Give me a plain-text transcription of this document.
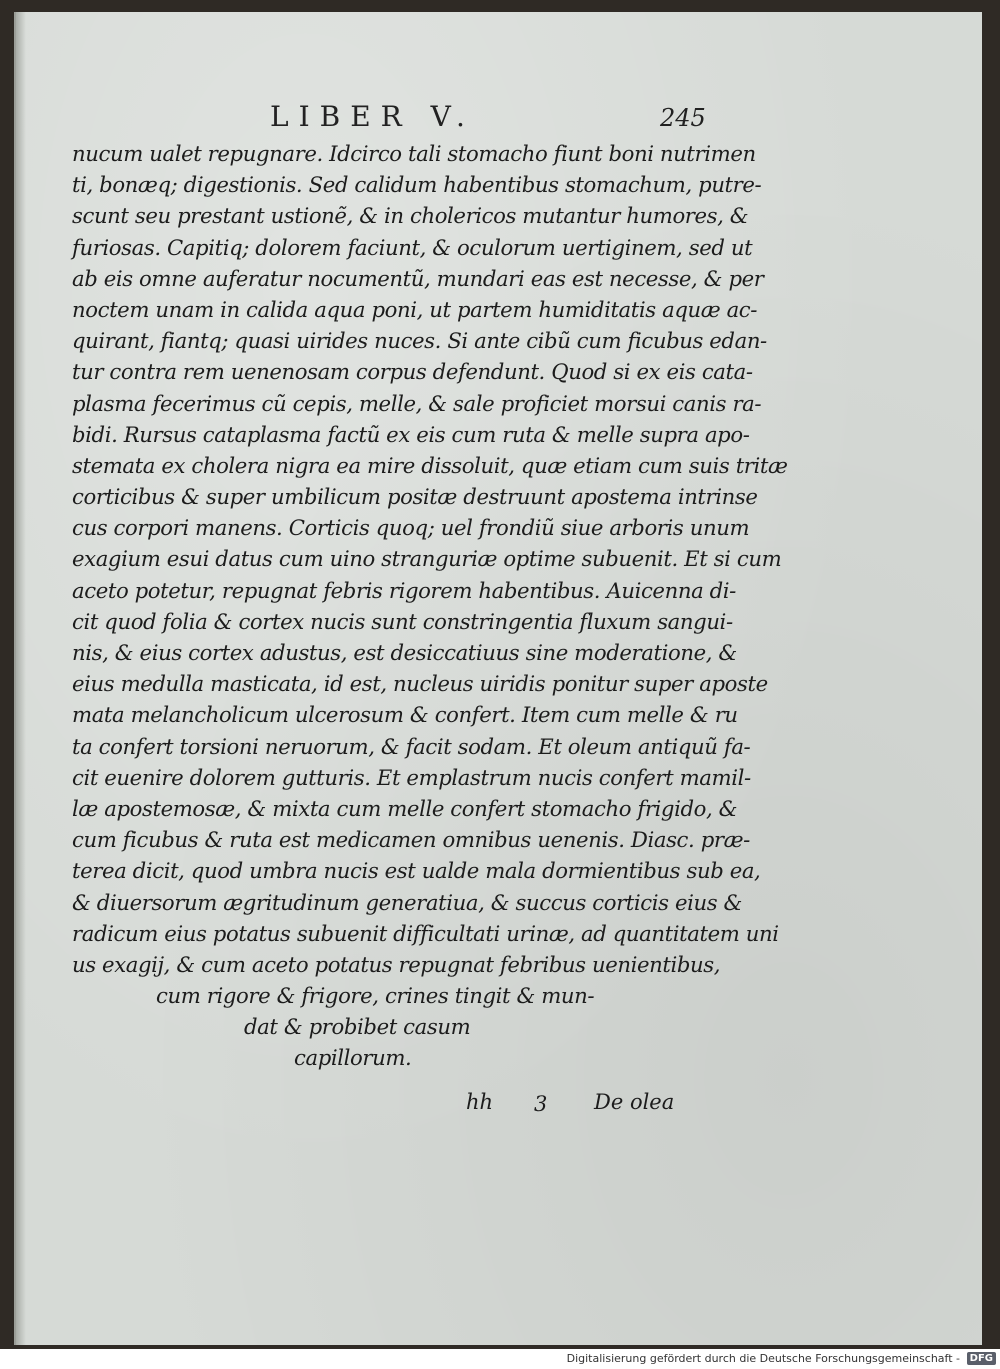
LIBER V.	245
nucum ualet repugnare. Idcirco tali stomacho fiunt boni nutrimen
ti, bonæq; digestionis. Sed calidum habentibus stomachum, putre-
scunt seu prestant ustionẽ, & in cholericos mutantur humores, &
furiosas. Capitiq; dolorem faciunt, & oculorum uertiginem, sed ut
ab eis omne auferatur nocumentũ, mundari eas est necesse, & per
noctem unam in calida aqua poni, ut partem humiditatis aquæ ac-
quirant, fiantq; quasi uirides nuces. Si ante cibũ cum ficubus edan-
tur contra rem uenenosam corpus defendunt. Quod si ex eis cata-
plasma fecerimus cũ cepis, melle, & sale proficiet morsui canis ra-
bidi. Rursus cataplasma factũ ex eis cum ruta & melle supra apo-
stemata ex cholera nigra ea mire dissoluit, quæ etiam cum suis tritæ
corticibus & super umbilicum positæ destruunt apostema intrinse
cus corpori manens. Corticis quoq; uel frondiũ siue arboris unum
exagium esui datus cum uino stranguriæ optime subuenit. Et si cum
aceto potetur, repugnat febris rigorem habentibus. Auicenna di-
cit quod folia & cortex nucis sunt constringentia fluxum sangui-
nis, & eius cortex adustus, est desiccatiuus sine moderatione, &
eius medulla masticata, id est, nucleus uiridis ponitur super aposte
mata melancholicum ulcerosum & confert. Item cum melle & ru
ta confert torsioni neruorum, & facit sodam. Et oleum antiquũ fa-
cit euenire dolorem gutturis. Et emplastrum nucis confert mamil-
læ apostemosæ, & mixta cum melle confert stomacho frigido, &
cum ficubus & ruta est medicamen omnibus uenenis. Diasc. præ-
terea dicit, quod umbra nucis est ualde mala dormientibus sub ea,
& diuersorum ægritudinum generatiua, & succus corticis eius &
radicum eius potatus subuenit difficultati urinæ, ad quantitatem uni
us exagij, & cum aceto potatus repugnat febribus uenientibus,
cum rigore & frigore, crines tingit & mun-
dat & probibet casum
capillorum.
hh 3 De olea
Digitalisierung gefördert durch die Deutsche Forschungsgemeinschaft - DFG
